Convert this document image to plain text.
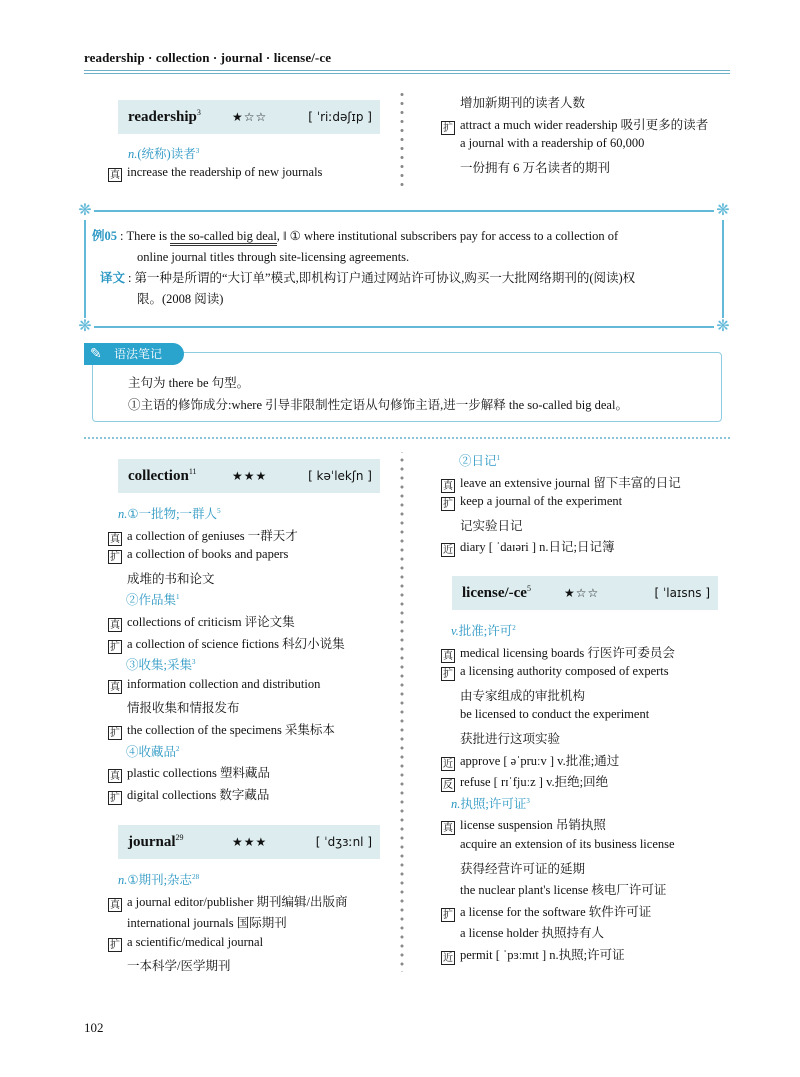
readership · collection · journal · license/-ce
readership$^3$	★☆☆	[ ˈriːdəʃɪp ]
n.(统称)读者$^3$
真 increase the readership of new journals
增加新期刊的读者人数
扩 attract a much wider readership 吸引更多的读者
a journal with a readership of 60,000
一份拥有 6 万名读者的期刊
❋	❋
❋	❋
例05 : There is the so-called big deal, ‖ ① where institutional subscribers pay for access to a collection of
online journal titles through site-licensing agreements.
译文 : 第一种是所谓的“大订单”模式,即机构订户通过网站许可协议,购买一大批网络期刊的(阅读)权
限。(2008 阅读)
✎ 语法笔记
主句为 there be 句型。
①主语的修饰成分:where 引导非限制性定语从句修饰主语,进一步解释 the so-called big deal。
collection$^{11}$	★★★	[ kəˈlekʃn ]
n.①一批物;一群人$^5$
真 a collection of geniuses 一群天才
扩 a collection of books and papers
成堆的书和论文
②作品集$^1$
真 collections of criticism 评论文集
扩 a collection of science fictions 科幻小说集
③收集;采集$^3$
真 information collection and distribution
情报收集和情报发布
扩 the collection of the specimens 采集标本
④收藏品$^2$
真 plastic collections 塑料藏品
扩 digital collections 数字藏品
journal$^{29}$	★★★	[ ˈdʒɜːnl ]
n.①期刊;杂志$^{28}$
真 a journal editor/publisher 期刊编辑/出版商
international journals 国际期刊
扩 a scientific/medical journal
一本科学/医学期刊
②日记$^1$
真 leave an extensive journal 留下丰富的日记
扩 keep a journal of the experiment
记实验日记
近 diary [ ˈdaɪəri ] n.日记;日记簿
license/$-ce^5$	★☆☆	[ ˈlaɪsns ]
v.批准;许可$^2$
真 medical licensing boards 行医许可委员会
扩 a licensing authority composed of experts
由专家组成的审批机构
be licensed to conduct the experiment
获批进行这项实验
近 approve [ əˈpruːv ] v.批准;通过
反 refuse [ rɪˈfjuːz ] v.拒绝;回绝
n.执照;许可证$^3$
真 license suspension 吊销执照
acquire an extension of its business license
获得经营许可证的延期
the nuclear plant's license 核电厂许可证
扩 a license for the software 软件许可证
a license holder 执照持有人
近 permit [ ˈpɜːmɪt ] n.执照;许可证
102
